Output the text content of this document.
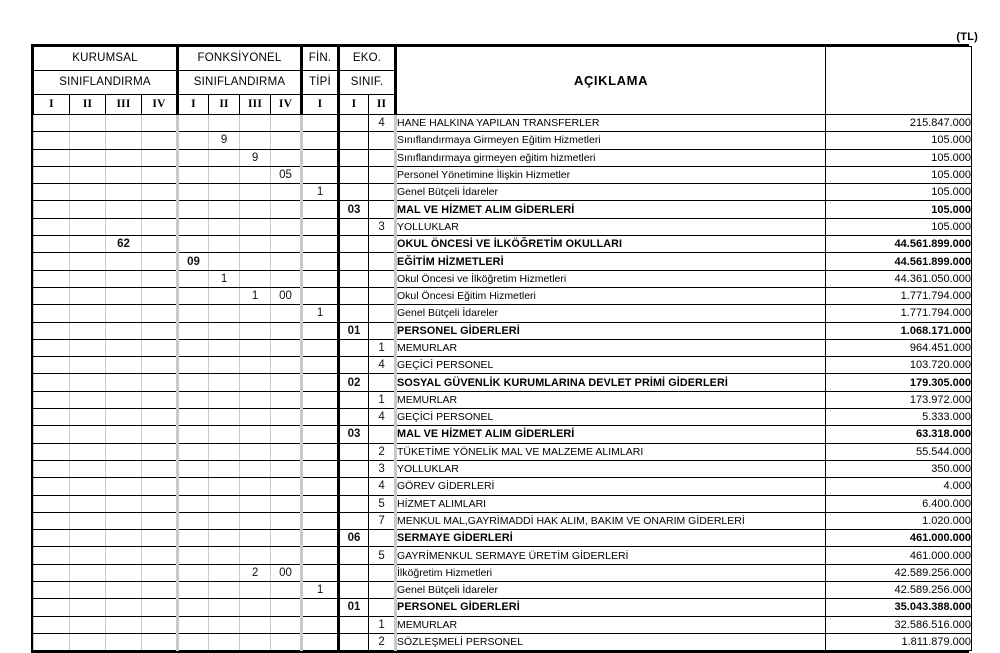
(TL)
KURUMSAL				FONKSİYONEL				FİN.	EKO.		AÇIKLAMA	
SINIFLANDIRMA				SINIFLANDIRMA				TİPİ	SINIF.			
I	II	III	IV	I	II	III	IV	I	I	II		
										4	HANE HALKINA YAPILAN TRANSFERLER	215.847.000
					9						Sınıflandırmaya Girmeyen Eğitim Hizmetleri	105.000
						9					Sınıflandırmaya girmeyen eğitim hizmetleri	105.000
							05				Personel Yönetimine İlişkin Hizmetler	105.000
								1			Genel Bütçeli İdareler	105.000
									03		MAL VE HİZMET ALIM GİDERLERİ	105.000
										3	YOLLUKLAR	105.000
		62									OKUL ÖNCESİ VE İLKÖĞRETİM OKULLARI	44.561.899.000
				09							EĞİTİM HİZMETLERİ	44.561.899.000
					1						Okul Öncesi ve İlköğretim Hizmetleri	44.361.050.000
						1	00				Okul Öncesi Eğitim Hizmetleri	1.771.794.000
								1			Genel Bütçeli İdareler	1.771.794.000
									01		PERSONEL GİDERLERİ	1.068.171.000
										1	MEMURLAR	964.451.000
										4	GEÇİCİ PERSONEL	103.720.000
									02		SOSYAL GÜVENLİK KURUMLARINA DEVLET PRİMİ GİDERLERİ	179.305.000
										1	MEMURLAR	173.972.000
										4	GEÇİCİ PERSONEL	5.333.000
									03		MAL VE HİZMET ALIM GİDERLERİ	63.318.000
										2	TÜKETİME YÖNELİK MAL VE MALZEME ALIMLARI	55.544.000
										3	YOLLUKLAR	350.000
										4	GÖREV GİDERLERİ	4.000
										5	HİZMET ALIMLARI	6.400.000
										7	MENKUL MAL,GAYRİMADDİ HAK ALIM, BAKIM VE ONARIM GİDERLERİ	1.020.000
									06		SERMAYE GİDERLERİ	461.000.000
										5	GAYRİMENKUL SERMAYE ÜRETİM GİDERLERİ	461.000.000
						2	00				İlköğretim Hizmetleri	42.589.256.000
								1			Genel Bütçeli İdareler	42.589.256.000
									01		PERSONEL GİDERLERİ	35.043.388.000
										1	MEMURLAR	32.586.516.000
										2	SÖZLEŞMELİ PERSONEL	1.811.879.000
